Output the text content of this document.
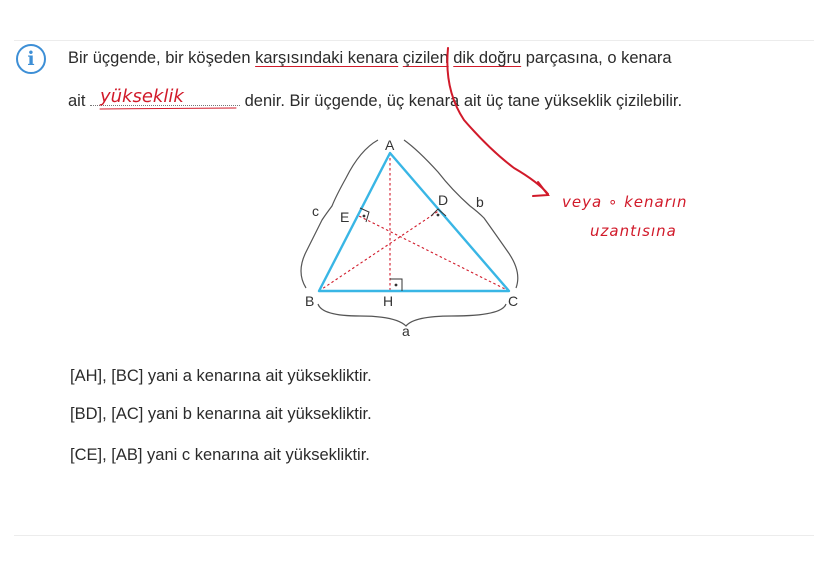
i	Bir üçgende, bir köşeden karşısındaki kenara çizilen dik doğru parçasına, o kenara
ait	denir. Bir üçgende, üç kenara ait üç tane yükseklik çizilebilir.
yükseklik
A
B	C
D
E
H
a
b
c
[AH], [BC] yani a kenarına ait yüksekliktir.
[BD], [AC] yani b kenarına ait yüksekliktir.
[CE], [AB] yani c kenarına ait yüksekliktir.
veya ∘ kenarın
uzantısına
